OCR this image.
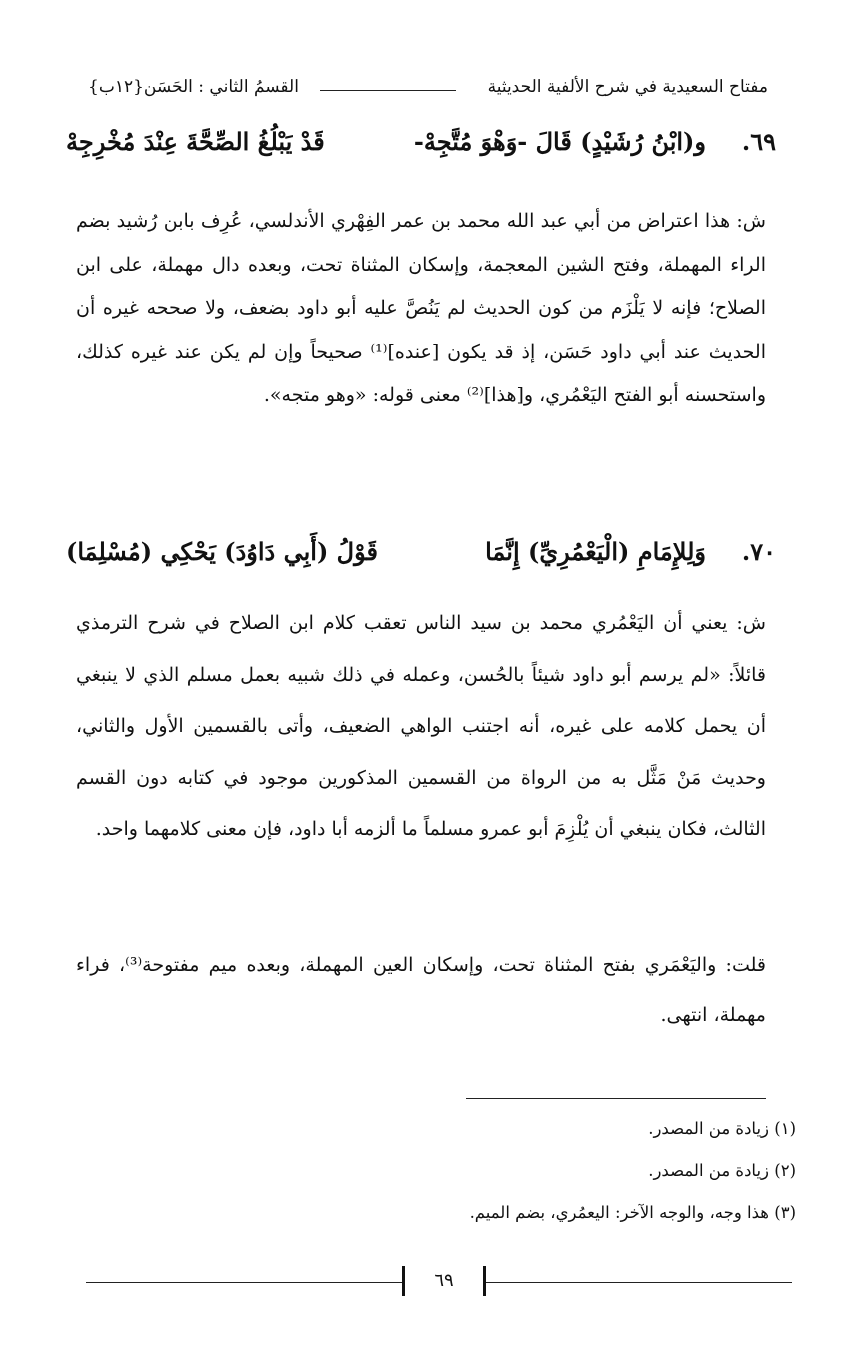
مفتاح السعيدية في شرح الألفية الحديثية
القسمُ الثاني : الحَسَن{١٢ب}
٦٩.
و(ابْنُ رُشَيْدٍ) قَالَ -وَهْوَ مُتَّجِهْ-
قَدْ يَبْلُغُ الصِّحَّةَ عِنْدَ مُخْرِجِهْ

ش: هذا اعتراض من أبي عبد الله محمد بن عمر الفِهْري الأندلسي، عُرِف بابن رُشيد بضم الراء المهملة، وفتح الشين المعجمة، وإسكان المثناة تحت، وبعده دال مهملة، على ابن الصلاح؛ فإنه لا يَلْزَم من كون الحديث لم يَنُصَّ عليه أبو داود بضعف، ولا صححه غيره أن الحديث عند أبي داود حَسَن، إذ قد يكون [عنده]⁽¹⁾ صحيحاً وإن لم يكن عند غيره كذلك، واستحسنه أبو الفتح اليَعْمُري، و[هذا]⁽²⁾ معنى قوله: «وهو متجه».

٧٠.
وَلِلإِمَامِ (الْيَعْمُرِيِّ) إِنَّمَا
قَوْلُ (أَبِي دَاوُدَ) يَحْكِي (مُسْلِمَا)

ش: يعني أن اليَعْمُري محمد بن سيد الناس تعقب كلام ابن الصلاح في شرح الترمذي قائلاً: «لم يرسم أبو داود شيئاً بالحُسن، وعمله في ذلك شبيه بعمل مسلم الذي لا ينبغي أن يحمل كلامه على غيره، أنه اجتنب الواهي الضعيف، وأتى بالقسمين الأول والثاني، وحديث مَنْ مَثَّل به من الرواة من القسمين المذكورين موجود في كتابه دون القسم الثالث، فكان ينبغي أن يُلْزِمَ أبو عمرو مسلماً ما ألزمه أبا داود، فإن معنى كلامهما واحد.

قلت: واليَعْمَري بفتح المثناة تحت، وإسكان العين المهملة، وبعده ميم مفتوحة⁽³⁾، فراء مهملة، انتهى.

(١) زيادة من المصدر.
(٢) زيادة من المصدر.
(٣) هذا وجه، والوجه الآخر: اليعمُري، بضم الميم.
٦٩
